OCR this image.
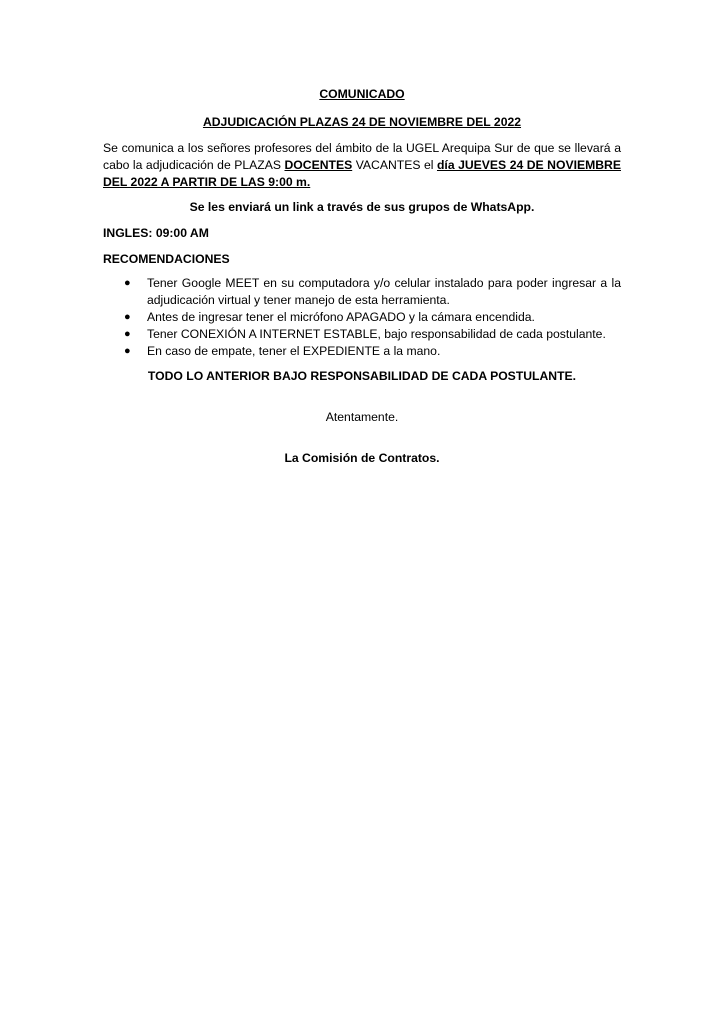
COMUNICADO

ADJUDICACIÓN PLAZAS 24 DE NOVIEMBRE DEL 2022

Se comunica a los señores profesores del ámbito de la UGEL Arequipa Sur de que se llevará a cabo la adjudicación de PLAZAS DOCENTES VACANTES el día JUEVES 24 DE NOVIEMBRE DEL 2022 A PARTIR DE LAS 9:00 m.

Se les enviará un link a través de sus grupos de WhatsApp.

INGLES: 09:00 AM

RECOMENDACIONES

● Tener Google MEET en su computadora y/o celular instalado para poder ingresar a la adjudicación virtual y tener manejo de esta herramienta.
● Antes de ingresar tener el micrófono APAGADO y la cámara encendida.
● Tener CONEXIÓN A INTERNET ESTABLE, bajo responsabilidad de cada postulante.
● En caso de empate, tener el EXPEDIENTE a la mano.

TODO LO ANTERIOR BAJO RESPONSABILIDAD DE CADA POSTULANTE.

Atentamente.

La Comisión de Contratos.
